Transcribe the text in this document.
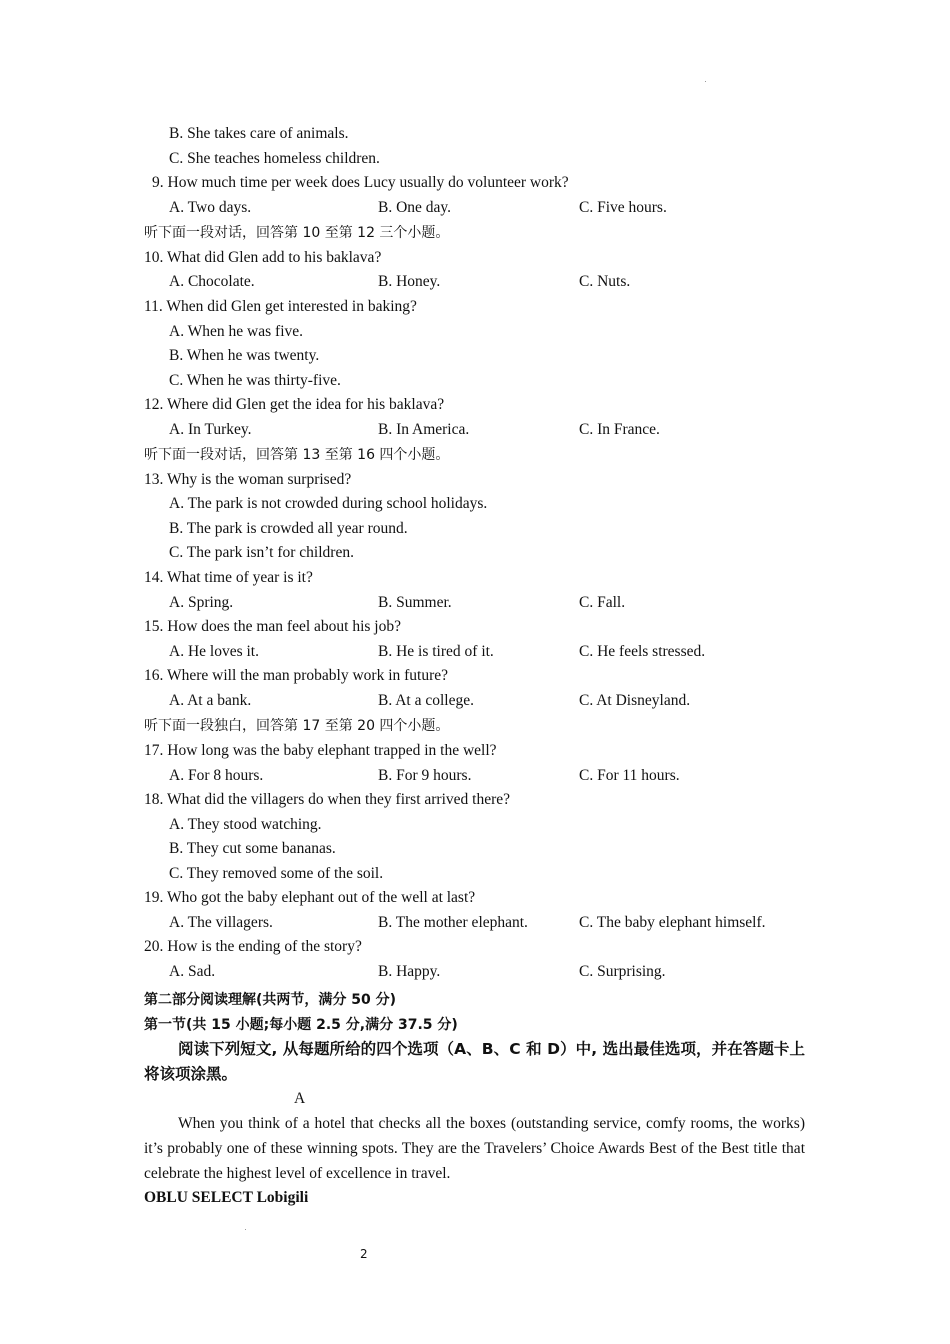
B. She takes care of animals.
C. She teaches homeless children.
9. How much time per week does Lucy usually do volunteer work?
A. Two days.	B. One day.	C. Five hours.
听下面一段对话，回答第 10 至第 12 三个小题。
10. What did Glen add to his baklava?
A. Chocolate.	B. Honey.	C. Nuts.
11. When did Glen get interested in baking?
A. When he was five.
B. When he was twenty.
C. When he was thirty-five.
12. Where did Glen get the idea for his baklava?
A. In Turkey.	B. In America.	C. In France.
听下面一段对话，回答第 13 至第 16 四个小题。
13. Why is the woman surprised?
A. The park is not crowded during school holidays.
B. The park is crowded all year round.
C. The park isn’t for children.
14. What time of year is it?
A. Spring.	B. Summer.	C. Fall.
15. How does the man feel about his job?
A. He loves it.	B. He is tired of it.	C. He feels stressed.
16. Where will the man probably work in future?
A. At a bank.	B. At a college.	C. At Disneyland.
听下面一段独白，回答第 17 至第 20 四个小题。
17. How long was the baby elephant trapped in the well?
A. For 8 hours.	B. For 9 hours.	C. For 11 hours.
18. What did the villagers do when they first arrived there?
A. They stood watching.
B. They cut some bananas.
C. They removed some of the soil.
19. Who got the baby elephant out of the well at last?
A. The villagers.	B. The mother elephant.	C. The baby elephant himself.
20. How is the ending of the story?
A. Sad.	B. Happy.	C. Surprising.
第二部分阅读理解(共两节，满分 50 分)
第一节(共 15 小题;每小题 2.5 分,满分 37.5 分)
阅读下列短文, 从每题所给的四个选项（A、B、C 和 D）中, 选出最佳选项，并在答题卡上将该项涂黑。
A
When you think of a hotel that checks all the boxes (outstanding service, comfy rooms, the works) it’s probably one of these winning spots. They are the Travelers’ Choice Awards Best of the Best title that celebrate the highest level of excellence in travel.
OBLU SELECT Lobigili
2
